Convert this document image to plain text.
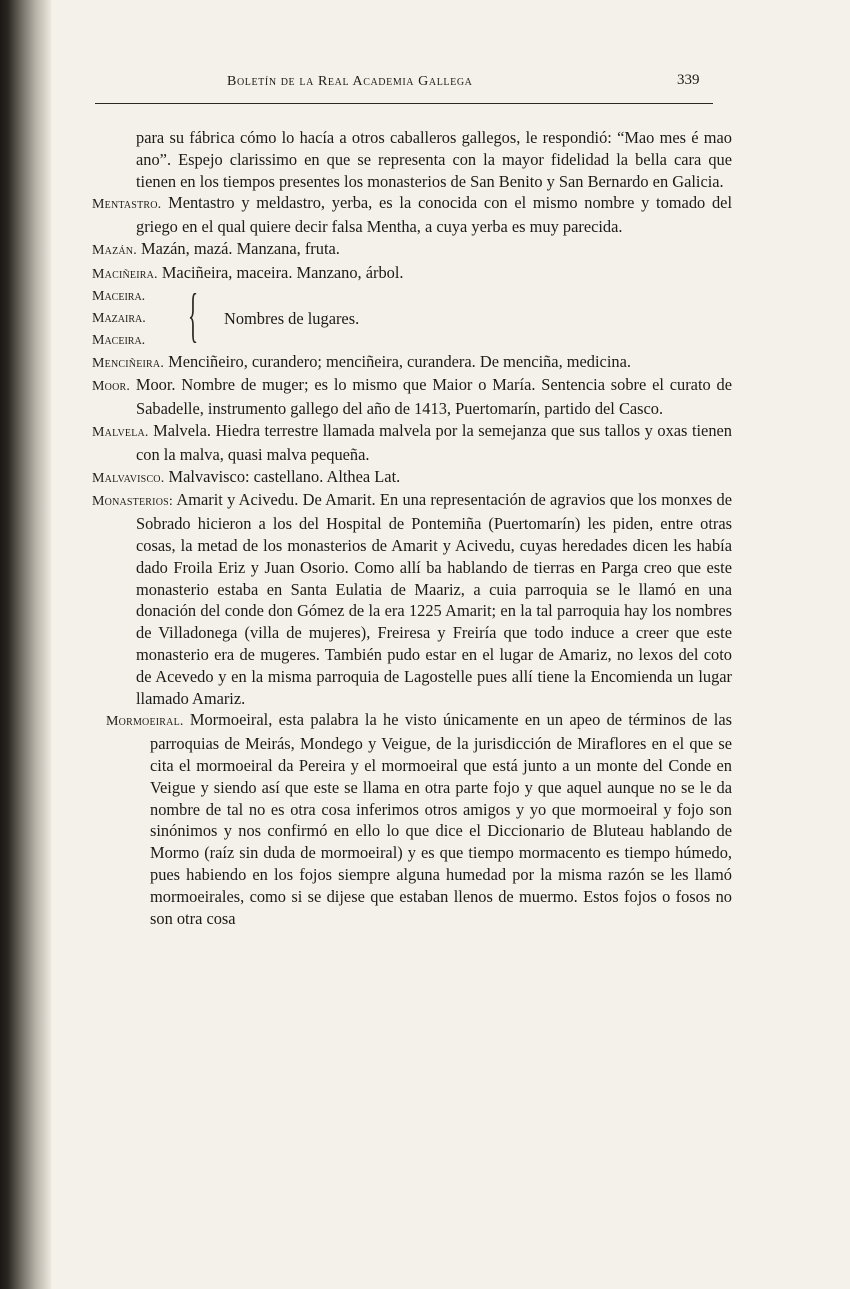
Boletín de la Real Academia Gallega	339

para su fábrica cómo lo hacía a otros caballeros gallegos, le respondió: “Mao mes é mao ano”. Espejo clarissimo en que se representa con la mayor fidelidad la bella cara que tienen en los tiempos presentes los monasterios de San Benito y San Bernardo en Galicia.

Mentastro. Mentastro y meldastro, yerba, es la conocida con el mismo nombre y tomado del griego en el qual quiere decir falsa Mentha, a cuya yerba es muy parecida.

Mazán. Mazán, mazá. Manzana, fruta.

Maciñeira. Maciñeira, maceira. Manzano, árbol.

Maceira.
Mazaira.
Maceira. { Nombres de lugares.

Menciñeira. Menciñeiro, curandero; menciñeira, curandera. De menciña, medicina.

Moor. Moor. Nombre de muger; es lo mismo que Maior o María. Sentencia sobre el curato de Sabadelle, instrumento gallego del año de 1413, Puertomarín, partido del Casco.

Malvela. Malvela. Hiedra terrestre llamada malvela por la semejanza que sus tallos y oxas tienen con la malva, quasi malva pequeña.

Malvavisco. Malvavisco: castellano. Althea Lat.

Monasterios: Amarit y Acivedu. De Amarit. En una representación de agravios que los monxes de Sobrado hicieron a los del Hospital de Pontemiña (Puertomarín) les piden, entre otras cosas, la metad de los monasterios de Amarit y Acivedu, cuyas heredades dicen les había dado Froila Eriz y Juan Osorio. Como allí ba hablando de tierras en Parga creo que este monasterio estaba en Santa Eulatia de Maariz, a cuia parroquia se le llamó en una donación del conde don Gómez de la era 1225 Amarit; en la tal parroquia hay los nombres de Villadonega (villa de mujeres), Freiresa y Freiría que todo induce a creer que este monasterio era de mugeres. También pudo estar en el lugar de Amariz, no lexos del coto de Acevedo y en la misma parroquia de Lagostelle pues allí tiene la Encomienda un lugar llamado Amariz.

Mormoeiral. Mormoeiral, esta palabra la he visto únicamente en un apeo de términos de las parroquias de Meirás, Mondego y Veigue, de la jurisdicción de Miraflores en el que se cita el mormoeiral da Pereira y el mormoeiral que está junto a un monte del Conde en Veigue y siendo así que este se llama en otra parte fojo y que aquel aunque no se le da nombre de tal no es otra cosa inferimos otros amigos y yo que mormoeiral y fojo son sinónimos y nos confirmó en ello lo que dice el Diccionario de Bluteau hablando de Mormo (raíz sin duda de mormoeiral) y es que tiempo mormacento es tiempo húmedo, pues habiendo en los fojos siempre alguna humedad por la misma razón se les llamó mormoeirales, como si se dijese que estaban llenos de muermo. Estos fojos o fosos no son otra cosa
